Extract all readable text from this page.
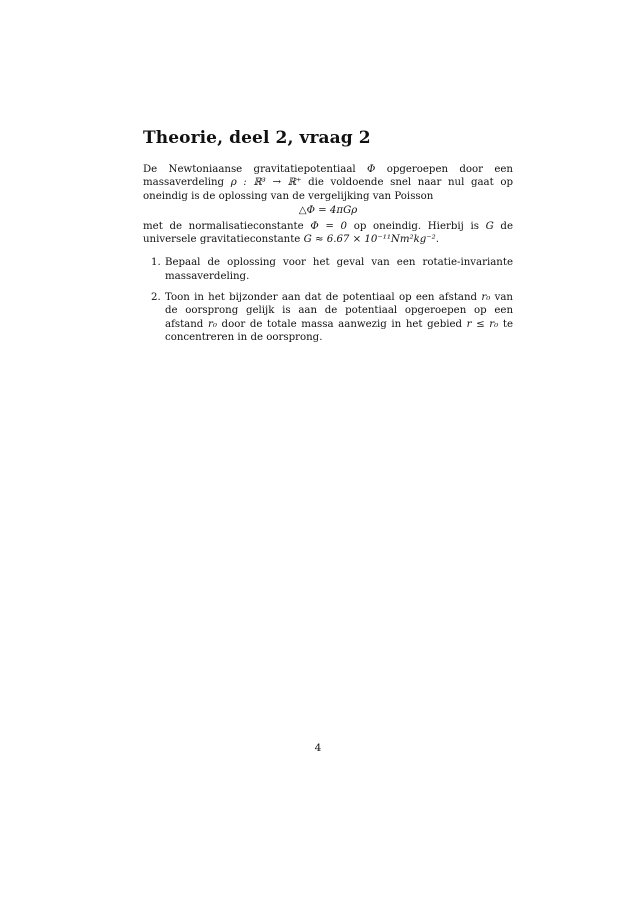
Theorie, deel 2, vraag 2

De Newtoniaanse gravitatiepotentiaal Φ opgeroepen door een massaverdeling ρ : ℝ³ → ℝ⁺ die voldoende snel naar nul gaat op oneindig is de oplossing van de vergelijking van Poisson

△Φ = 4πGρ

met de normalisatieconstante Φ = 0 op oneindig. Hierbij is G de universele gravitatieconstante G ≈ 6.67 × 10⁻¹¹Nm²kg⁻².

1. Bepaal de oplossing voor het geval van een rotatie-invariante massaverdeling.
2. Toon in het bijzonder aan dat de potentiaal op een afstand r₀ van de oorsprong gelijk is aan de potentiaal opgeroepen op een afstand r₀ door de totale massa aanwezig in het gebied r ≤ r₀ te concentreren in de oorsprong.
4
